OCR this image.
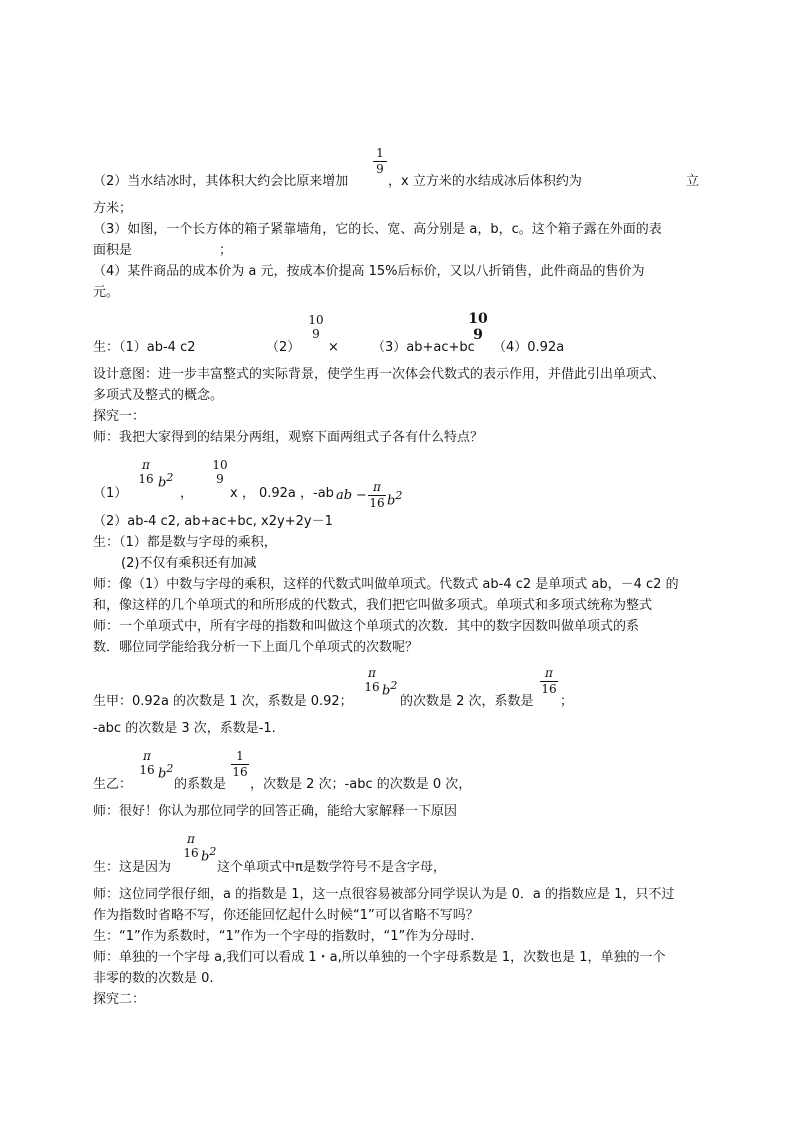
1
9
（2）当水结冰时，其体积大约会比原来增加	，x 立方米的水结成冰后体积约为	立
方米；
（3）如图，一个长方体的箱子紧靠墙角，它的长、宽、高分别是 a，b，c。这个箱子露在外面的表
面积是	；
（4）某件商品的成本价为 a 元，按成本价提高 15%后标价，又以八折销售，此件商品的售价为
元。
生：（1）ab-4 c2	（2）
10
9
×	（3）ab+ac+bc
10
9
（4）0.92a
设计意图：进一步丰富整式的实际背景，使学生再一次体会代数式的表示作用，并借此引出单项式、
多项式及整式的概念。
探究一：
师：我把大家得到的结果分两组，观察下面两组式子各有什么特点？
（1）
π
16 $b^2$
，
10
9
x ， 0.92a ，-ab ab −
π
16 $b^2$
（2）ab-4 c2, ab+ac+bc, x2y+2y－1
生：（1）都是数与字母的乘积，
(2)不仅有乘积还有加减
师：像（1）中数与字母的乘积，这样的代数式叫做单项式。代数式 ab-4 c2 是单项式 ab，－4 c2 的
和，像这样的几个单项式的和所形成的代数式，我们把它叫做多项式。单项式和多项式统称为整式
师：一个单项式中，所有字母的指数和叫做这个单项式的次数．其中的数字因数叫做单项式的系
数．哪位同学能给我分析一下上面几个单项式的次数呢？
生甲：0.92a 的次数是 1 次，系数是 0.92；
π
16 $b^2$
的次数是 2 次，系数是
π
16
；
-abc 的次数是 3 次，系数是-1.
生乙：
π
16 $b^2$
的系数是
1
16
，次数是 2 次；-abc 的次数是 0 次，
师：很好！你认为那位同学的回答正确，能给大家解释一下原因
生：这是因为
π
16 $b^2$
这个单项式中π是数学符号不是含字母，
师：这位同学很仔细，a 的指数是 1，这一点很容易被部分同学误认为是 0．a 的指数应是 1，只不过
作为指数时省略不写，你还能回忆起什么时候“1”可以省略不写吗？
生：“1”作为系数时，“1”作为一个字母的指数时，“1”作为分母时.
师：单独的一个字母 a,我们可以看成 1・a,所以单独的一个字母系数是 1，次数也是 1，单独的一个
非零的数的次数是 0.
探究二：
